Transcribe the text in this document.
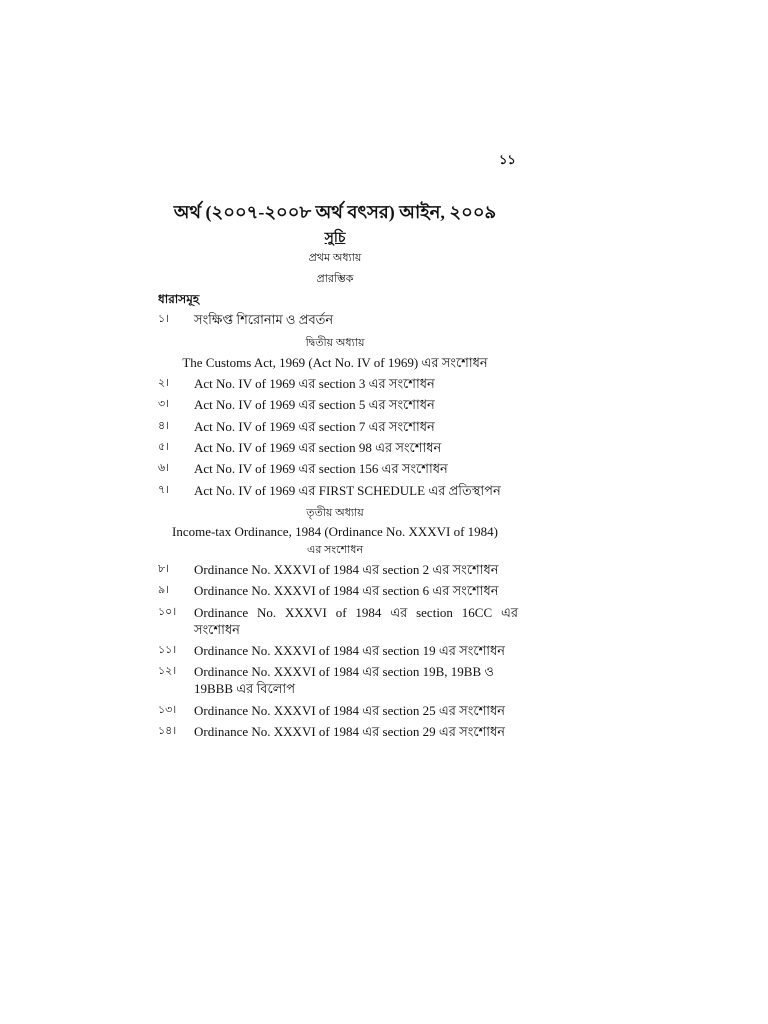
১১
অর্থ (২০০৭-২০০৮ অর্থ বৎসর) আইন, ২০০৯
সুচি
প্রথম অধ্যায়
প্রারম্ভিক
ধারাসমূহ
১। সংক্ষিপ্ত শিরোনাম ও প্রবর্তন
দ্বিতীয় অধ্যায়
The Customs Act, 1969 (Act No. IV of 1969) এর সংশোধন
২। Act No. IV of 1969 এর section 3 এর সংশোধন
৩। Act No. IV of 1969 এর section 5 এর সংশোধন
৪। Act No. IV of 1969 এর section 7 এর সংশোধন
৫। Act No. IV of 1969 এর section 98 এর সংশোধন
৬। Act No. IV of 1969 এর section 156 এর সংশোধন
৭। Act No. IV of 1969 এর FIRST SCHEDULE এর প্রতিস্থাপন
তৃতীয় অধ্যায়
Income-tax Ordinance, 1984 (Ordinance No. XXXVI of 1984)
এর সংশোধন
৮। Ordinance No. XXXVI of 1984 এর section 2 এর সংশোধন
৯। Ordinance No. XXXVI of 1984 এর section 6 এর সংশোধন
১০। Ordinance No. XXXVI of 1984 এর section 16CC এর সংশোধন
১১। Ordinance No. XXXVI of 1984 এর section 19 এর সংশোধন
১২। Ordinance No. XXXVI of 1984 এর section 19B, 19BB ও 19BBB এর বিলোপ
১৩। Ordinance No. XXXVI of 1984 এর section 25 এর সংশোধন
১৪। Ordinance No. XXXVI of 1984 এর section 29 এর সংশোধন
